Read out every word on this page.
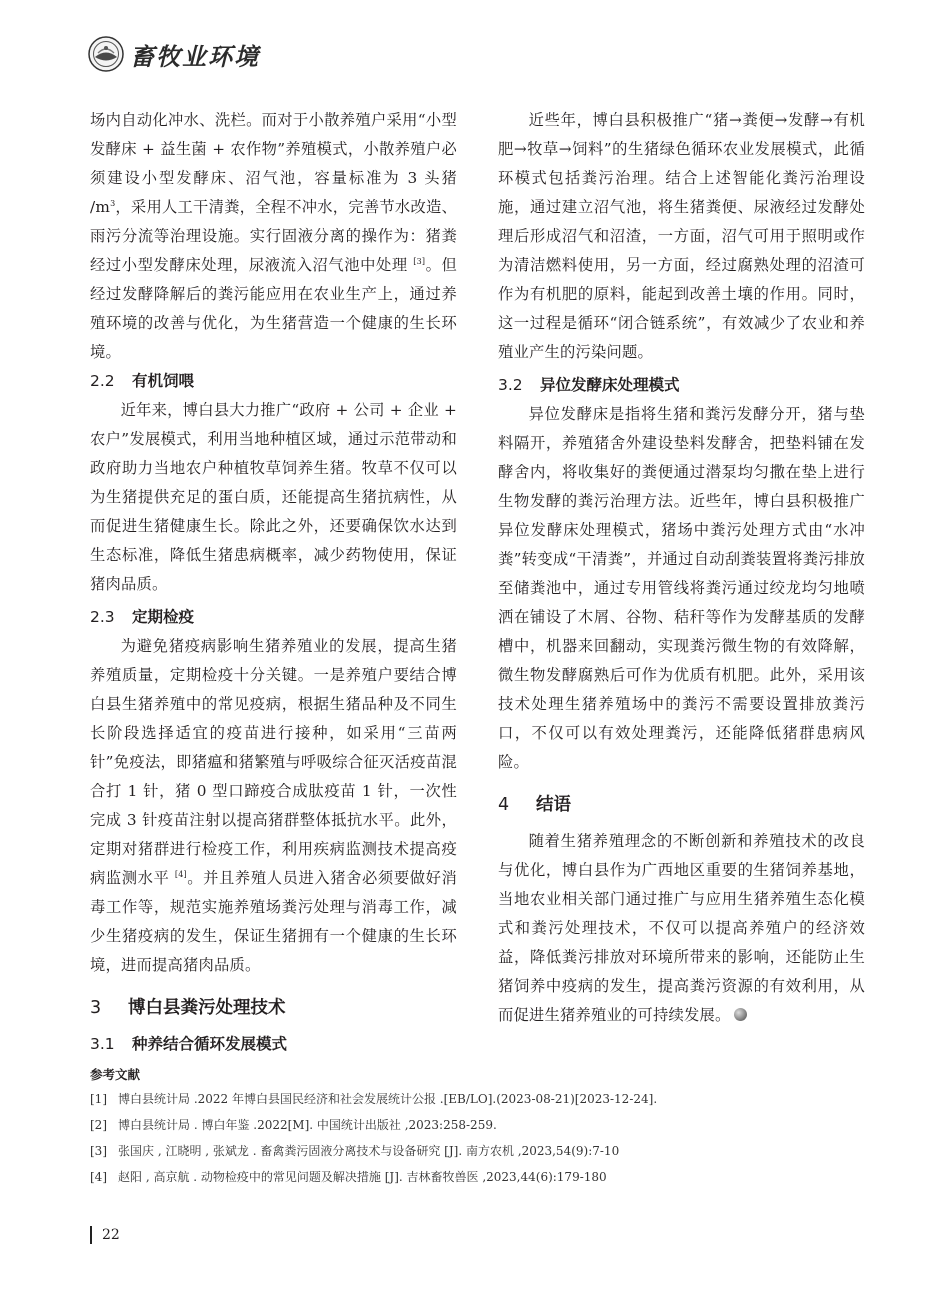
畜牧业环境

场内自动化冲水、洗栏。而对于小散养殖户采用“小型发酵床 + 益生菌 + 农作物”养殖模式，小散养殖户必须建设小型发酵床、沼气池，容量标准为 3 头猪 $/m^3$，采用人工干清粪，全程不冲水，完善节水改造、雨污分流等治理设施。实行固液分离的操作为：猪粪经过小型发酵床处理，尿液流入沼气池中处理 [3]。但经过发酵降解后的粪污能应用在农业生产上，通过养殖环境的改善与优化，为生猪营造一个健康的生长环境。

2.2 有机饲喂

近年来，博白县大力推广“政府 + 公司 + 企业 + 农户”发展模式，利用当地种植区域，通过示范带动和政府助力当地农户种植牧草饲养生猪。牧草不仅可以为生猪提供充足的蛋白质，还能提高生猪抗病性，从而促进生猪健康生长。除此之外，还要确保饮水达到生态标准，降低生猪患病概率，减少药物使用，保证猪肉品质。

2.3 定期检疫

为避免猪疫病影响生猪养殖业的发展，提高生猪养殖质量，定期检疫十分关键。一是养殖户要结合博白县生猪养殖中的常见疫病，根据生猪品种及不同生长阶段选择适宜的疫苗进行接种，如采用“三苗两针”免疫法，即猪瘟和猪繁殖与呼吸综合征灭活疫苗混合打 1 针，猪 0 型口蹄疫合成肽疫苗 1 针，一次性完成 3 针疫苗注射以提高猪群整体抵抗水平。此外，定期对猪群进行检疫工作，利用疾病监测技术提高疫病监测水平 [4]。并且养殖人员进入猪舍必须要做好消毒工作等，规范实施养殖场粪污处理与消毒工作，减少生猪疫病的发生，保证生猪拥有一个健康的生长环境，进而提高猪肉品质。

3 博白县粪污处理技术
3.1 种养结合循环发展模式

近些年，博白县积极推广“猪→粪便→发酵→有机肥→牧草→饲料”的生猪绿色循环农业发展模式，此循环模式包括粪污治理。结合上述智能化粪污治理设施，通过建立沼气池，将生猪粪便、尿液经过发酵处理后形成沼气和沼渣，一方面，沼气可用于照明或作为清洁燃料使用，另一方面，经过腐熟处理的沼渣可作为有机肥的原料，能起到改善土壤的作用。同时，这一过程是循环“闭合链系统”，有效减少了农业和养殖业产生的污染问题。

3.2 异位发酵床处理模式

异位发酵床是指将生猪和粪污发酵分开，猪与垫料隔开，养殖猪舍外建设垫料发酵舍，把垫料铺在发酵舍内，将收集好的粪便通过潜泵均匀撒在垫上进行生物发酵的粪污治理方法。近些年，博白县积极推广异位发酵床处理模式，猪场中粪污处理方式由“水冲粪”转变成“干清粪”，并通过自动刮粪装置将粪污排放至储粪池中，通过专用管线将粪污通过绞龙均匀地喷洒在铺设了木屑、谷物、秸秆等作为发酵基质的发酵槽中，机器来回翻动，实现粪污微生物的有效降解，微生物发酵腐熟后可作为优质有机肥。此外，采用该技术处理生猪养殖场中的粪污不需要设置排放粪污口，不仅可以有效处理粪污，还能降低猪群患病风险。

4 结语

随着生猪养殖理念的不断创新和养殖技术的改良与优化，博白县作为广西地区重要的生猪饲养基地，当地农业相关部门通过推广与应用生猪养殖生态化模式和粪污处理技术，不仅可以提高养殖户的经济效益，降低粪污排放对环境所带来的影响，还能防止生猪饲养中疫病的发生，提高粪污资源的有效利用，从而促进生猪养殖业的可持续发展。

参考文献
[1] 博白县统计局 .2022 年博白县国民经济和社会发展统计公报 .[EB/LO].(2023-08-21)[2023-12-24].
[2] 博白县统计局 . 博白年鉴 .2022[M]. 中国统计出版社 ,2023:258-259.
[3] 张国庆 , 江晓明 , 张斌龙 . 畜禽粪污固液分离技术与设备研究 [J]. 南方农机 ,2023,54(9):7-10
[4] 赵阳 , 高京航 . 动物检疫中的常见问题及解决措施 [J]. 吉林畜牧兽医 ,2023,44(6):179-180
22
